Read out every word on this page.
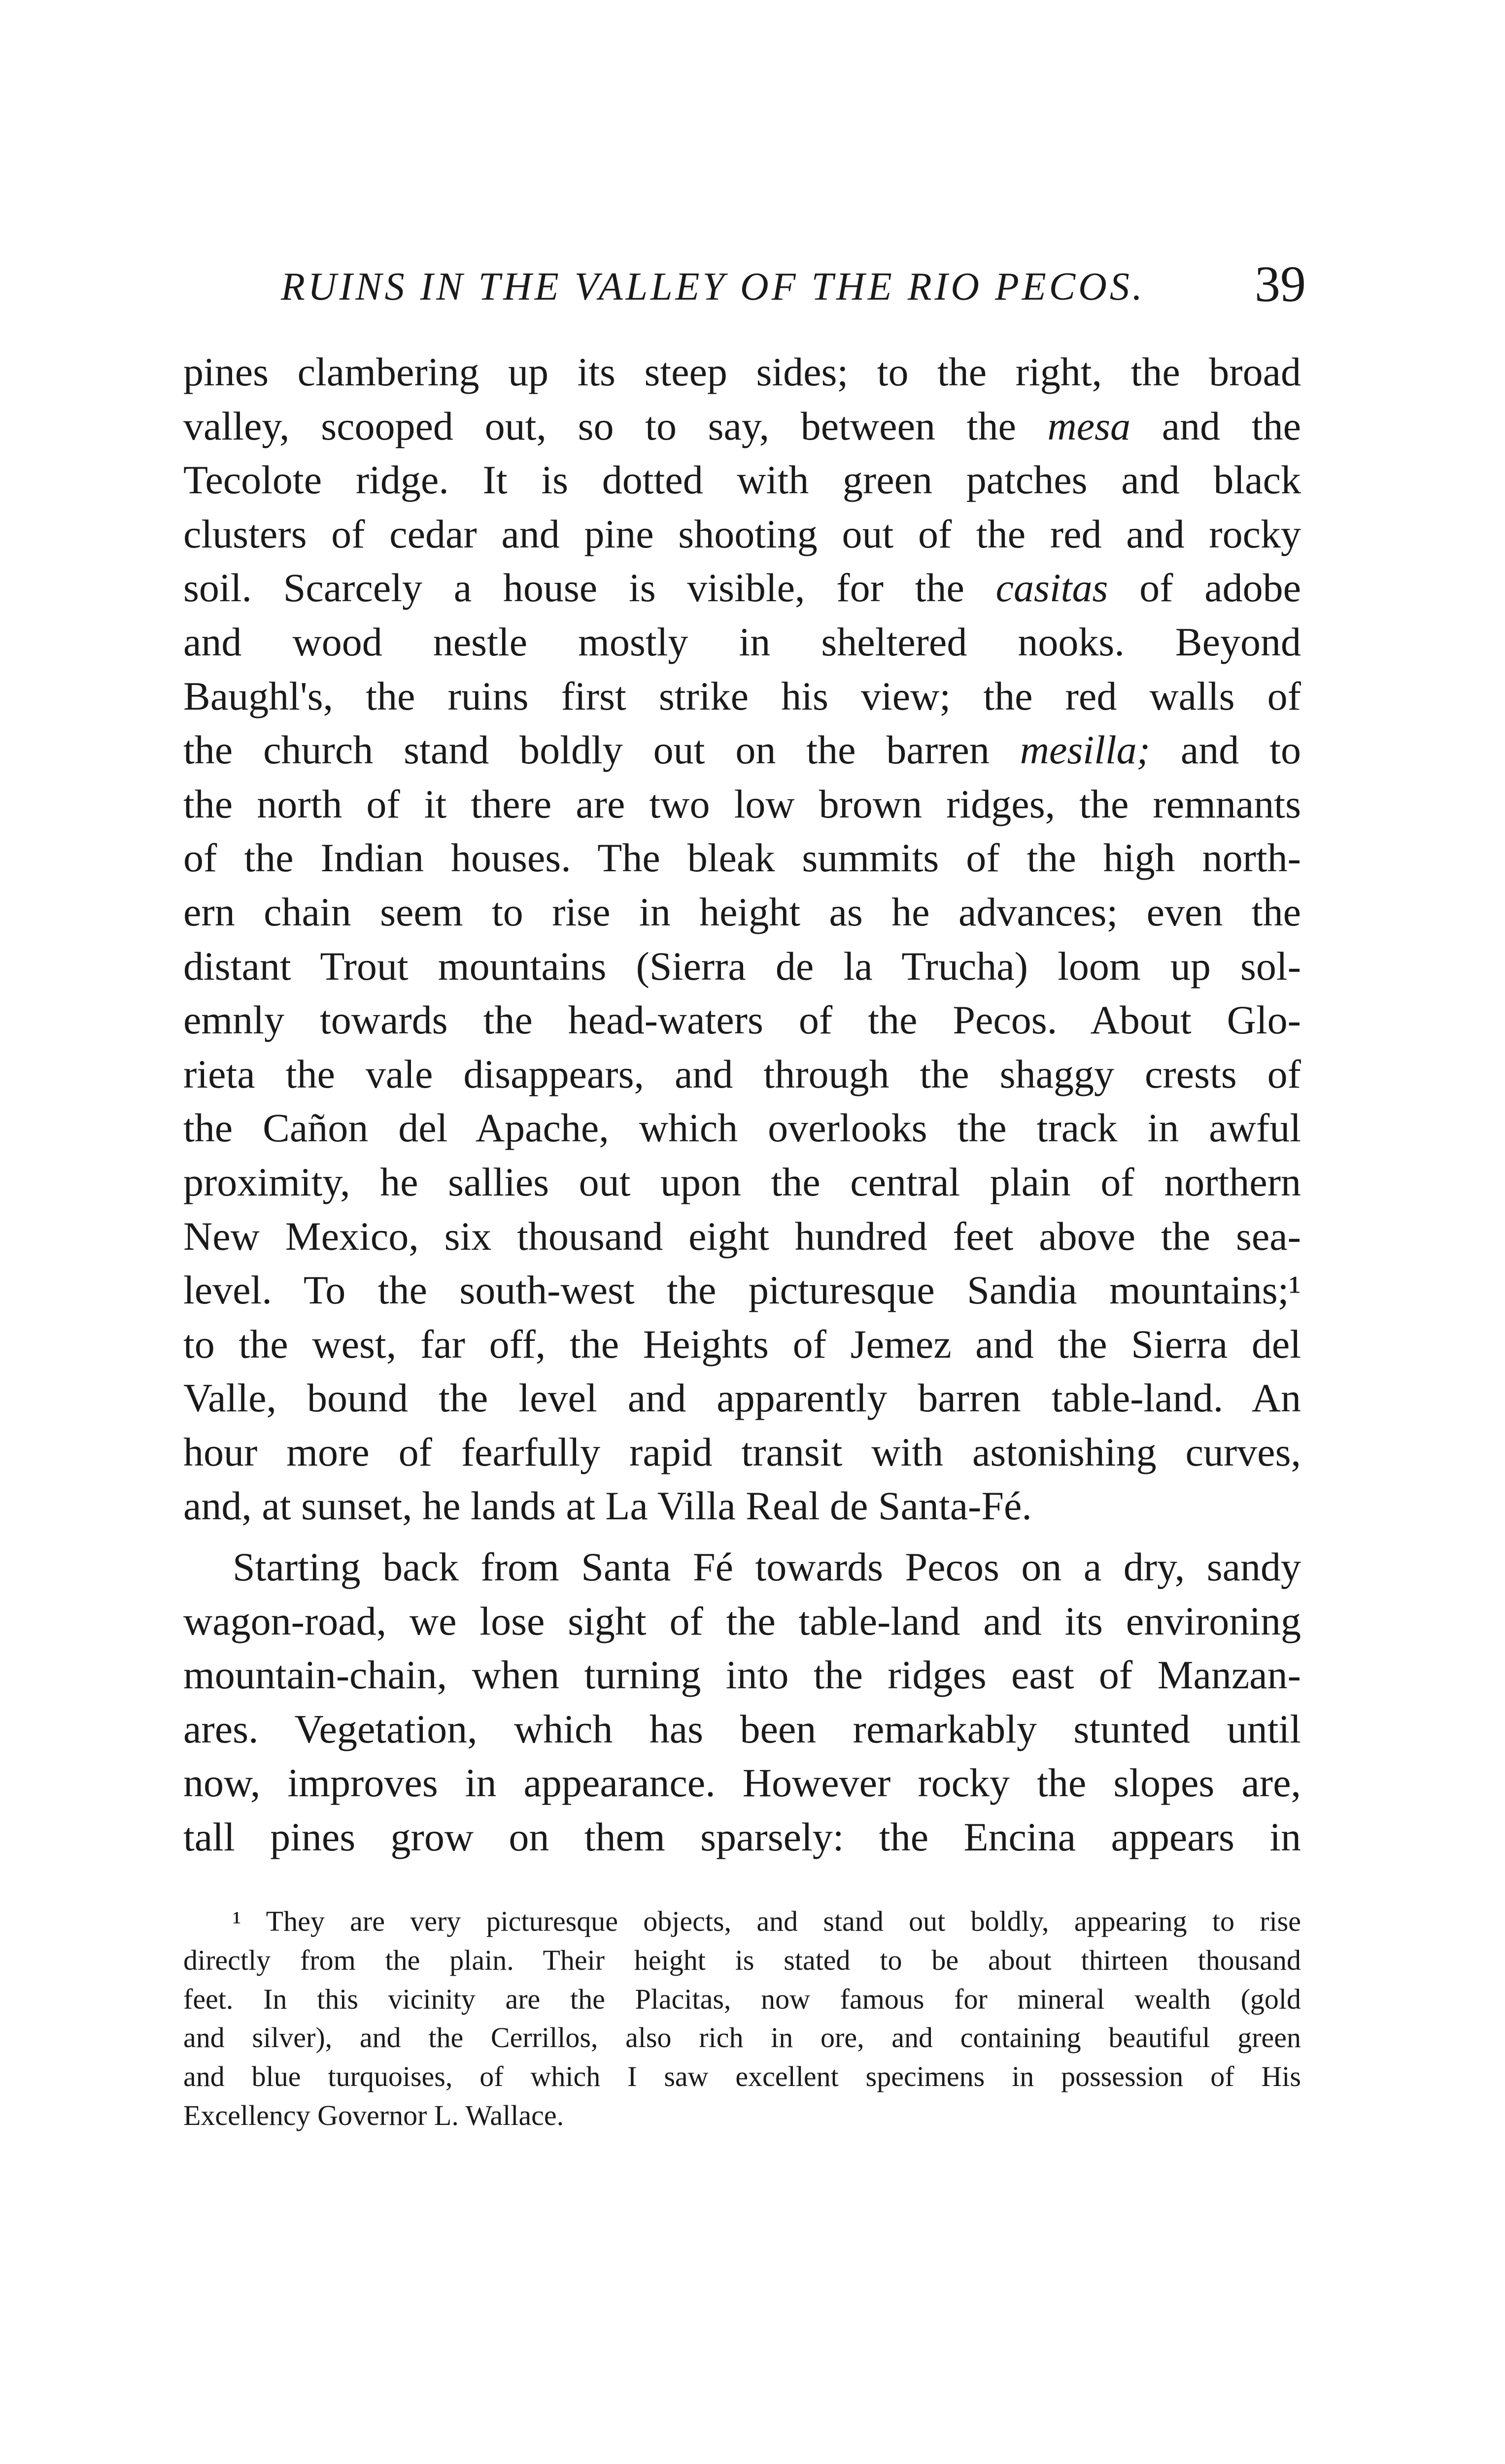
RUINS IN THE VALLEY OF THE RIO PECOS. 39
pines clambering up its steep sides; to the right, the broad
valley, scooped out, so to say, between the mesa and the
Tecolote ridge. It is dotted with green patches and black
clusters of cedar and pine shooting out of the red and rocky
soil. Scarcely a house is visible, for the casitas of adobe
and wood nestle mostly in sheltered nooks. Beyond
Baughl's, the ruins first strike his view; the red walls of
the church stand boldly out on the barren mesilla; and to
the north of it there are two low brown ridges, the remnants
of the Indian houses. The bleak summits of the high north-
ern chain seem to rise in height as he advances; even the
distant Trout mountains (Sierra de la Trucha) loom up sol-
emnly towards the head-waters of the Pecos. About Glo-
rieta the vale disappears, and through the shaggy crests of
the Cañon del Apache, which overlooks the track in awful
proximity, he sallies out upon the central plain of northern
New Mexico, six thousand eight hundred feet above the sea-
level. To the south-west the picturesque Sandia mountains;¹
to the west, far off, the Heights of Jemez and the Sierra del
Valle, bound the level and apparently barren table-land. An
hour more of fearfully rapid transit with astonishing curves,
and, at sunset, he lands at La Villa Real de Santa-Fé.
Starting back from Santa Fé towards Pecos on a dry, sandy
wagon-road, we lose sight of the table-land and its environing
mountain-chain, when turning into the ridges east of Manzan-
ares. Vegetation, which has been remarkably stunted until
now, improves in appearance. However rocky the slopes are,
tall pines grow on them sparsely: the Encina appears in
¹ They are very picturesque objects, and stand out boldly, appearing to rise
directly from the plain. Their height is stated to be about thirteen thousand
feet. In this vicinity are the Placitas, now famous for mineral wealth (gold
and silver), and the Cerrillos, also rich in ore, and containing beautiful green
and blue turquoises, of which I saw excellent specimens in possession of His
Excellency Governor L. Wallace.
